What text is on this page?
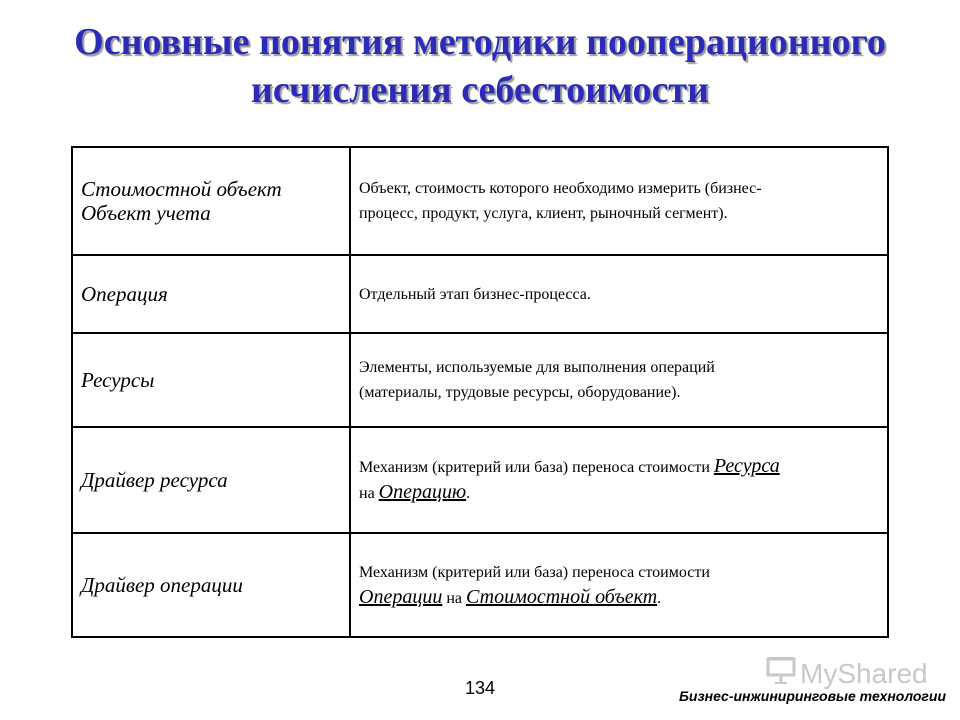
Основные понятия методики пооперационного
исчисления себестоимости
Стоимостной объект
Объект учета	Объект, стоимость которого необходимо измерить (бизнес-
процесс, продукт, услуга, клиент, рыночный сегмент).

Операция	Отдельный этап бизнес-процесса.

Ресурсы	Элементы, используемые для выполнения операций
(материалы, трудовые ресурсы, оборудование).

Драйвер ресурса	Механизм (критерий или база) переноса стоимости Ресурса
на Операцию.

Драйвер операции	Механизм (критерий или база) переноса стоимости
Операции на Стоимостной объект.
MyShared
134	Бизнес-инжиниринговые технологии
